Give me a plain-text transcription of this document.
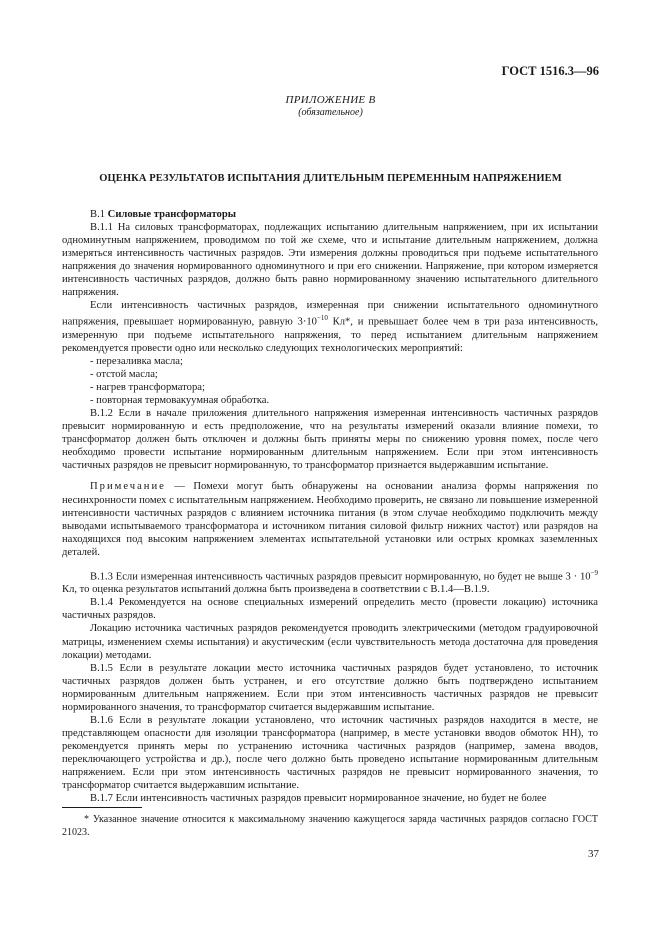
ГОСТ 1516.3—96
ПРИЛОЖЕНИЕ В
(обязательное)
ОЦЕНКА РЕЗУЛЬТАТОВ ИСПЫТАНИЯ ДЛИТЕЛЬНЫМ ПЕРЕМЕННЫМ НАПРЯЖЕНИЕМ

В.1 Силовые трансформаторы

В.1.1 На силовых трансформаторах, подлежащих испытанию длительным напряжением, при их испытании одноминутным напряжением, проводимом по той же схеме, что и испытание длительным напряжением, должна измеряться интенсивность частичных разрядов. Эти измерения должны проводиться при подъеме испытательного напряжения до значения нормированного одноминутного и при его снижении. Напряжение, при котором измеряется интенсивность частичных разрядов, должно быть равно нормированному значению испытательного длительного напряжения.

Если интенсивность частичных разрядов, измеренная при снижении испытательного одноминутного напряжения, превышает нормированную, равную $3\cdot 10^{-10}$ Кл*, и превышает более чем в три раза интенсивность, измеренную при подъеме испытательного напряжения, то перед испытанием длительным напряжением рекомендуется провести одно или несколько следующих технологических мероприятий:

- перезаливка масла;

- отстой масла;

- нагрев трансформатора;

- повторная термовакуумная обработка.

В.1.2 Если в начале приложения длительного напряжения измеренная интенсивность частичных разрядов превысит нормированную и есть предположение, что на результаты измерений оказали влияние помехи, то трансформатор должен быть отключен и должны быть приняты меры по снижению уровня помех, после чего необходимо провести испытание нормированным длительным напряжением. Если при этом интенсивность частичных разрядов не превысит нормированную, то трансформатор признается выдержавшим испытание.

Примечание — Помехи могут быть обнаружены на основании анализа формы напряжения по несинхронности помех с испытательным напряжением. Необходимо проверить, не связано ли повышение измеренной интенсивности частичных разрядов с влиянием источника питания (в этом случае необходимо подключить между выводами испытываемого трансформатора и источником питания силовой фильтр нижних частот) или разрядов на находящихся под высоким напряжением элементах испытательной установки или острых кромках заземленных деталей.

В.1.3 Если измеренная интенсивность частичных разрядов превысит нормированную, но будет не выше $3 \cdot 10^{-9}$ Кл, то оценка результатов испытаний должна быть произведена в соответствии с В.1.4—В.1.9.

В.1.4 Рекомендуется на основе специальных измерений определить место (провести локацию) источника частичных разрядов.

Локацию источника частичных разрядов рекомендуется проводить электрическими (методом градуировочной матрицы, изменением схемы испытания) и акустическим (если чувствительность метода достаточна для проведения локации) методами.

В.1.5 Если в результате локации место источника частичных разрядов будет установлено, то источник частичных разрядов должен быть устранен, и его отсутствие должно быть подтверждено испытанием нормированным длительным напряжением. Если при этом интенсивность частичных разрядов не превысит нормированного значения, то трансформатор считается выдержавшим испытание.

В.1.6 Если в результате локации установлено, что источник частичных разрядов находится в месте, не представляющем опасности для изоляции трансформатора (например, в месте установки вводов обмоток НН), то рекомендуется принять меры по устранению источника частичных разрядов (например, замена вводов, переключающего устройства и др.), после чего должно быть проведено испытание нормированным длительным напряжением. Если при этом интенсивность частичных разрядов не превысит нормированного значения, то трансформатор считается выдержавшим испытание.

В.1.7 Если интенсивность частичных разрядов превысит нормированное значение, но будет не более

* Указанное значение относится к максимальному значению кажущегося заряда частичных разрядов согласно ГОСТ 21023.
37
